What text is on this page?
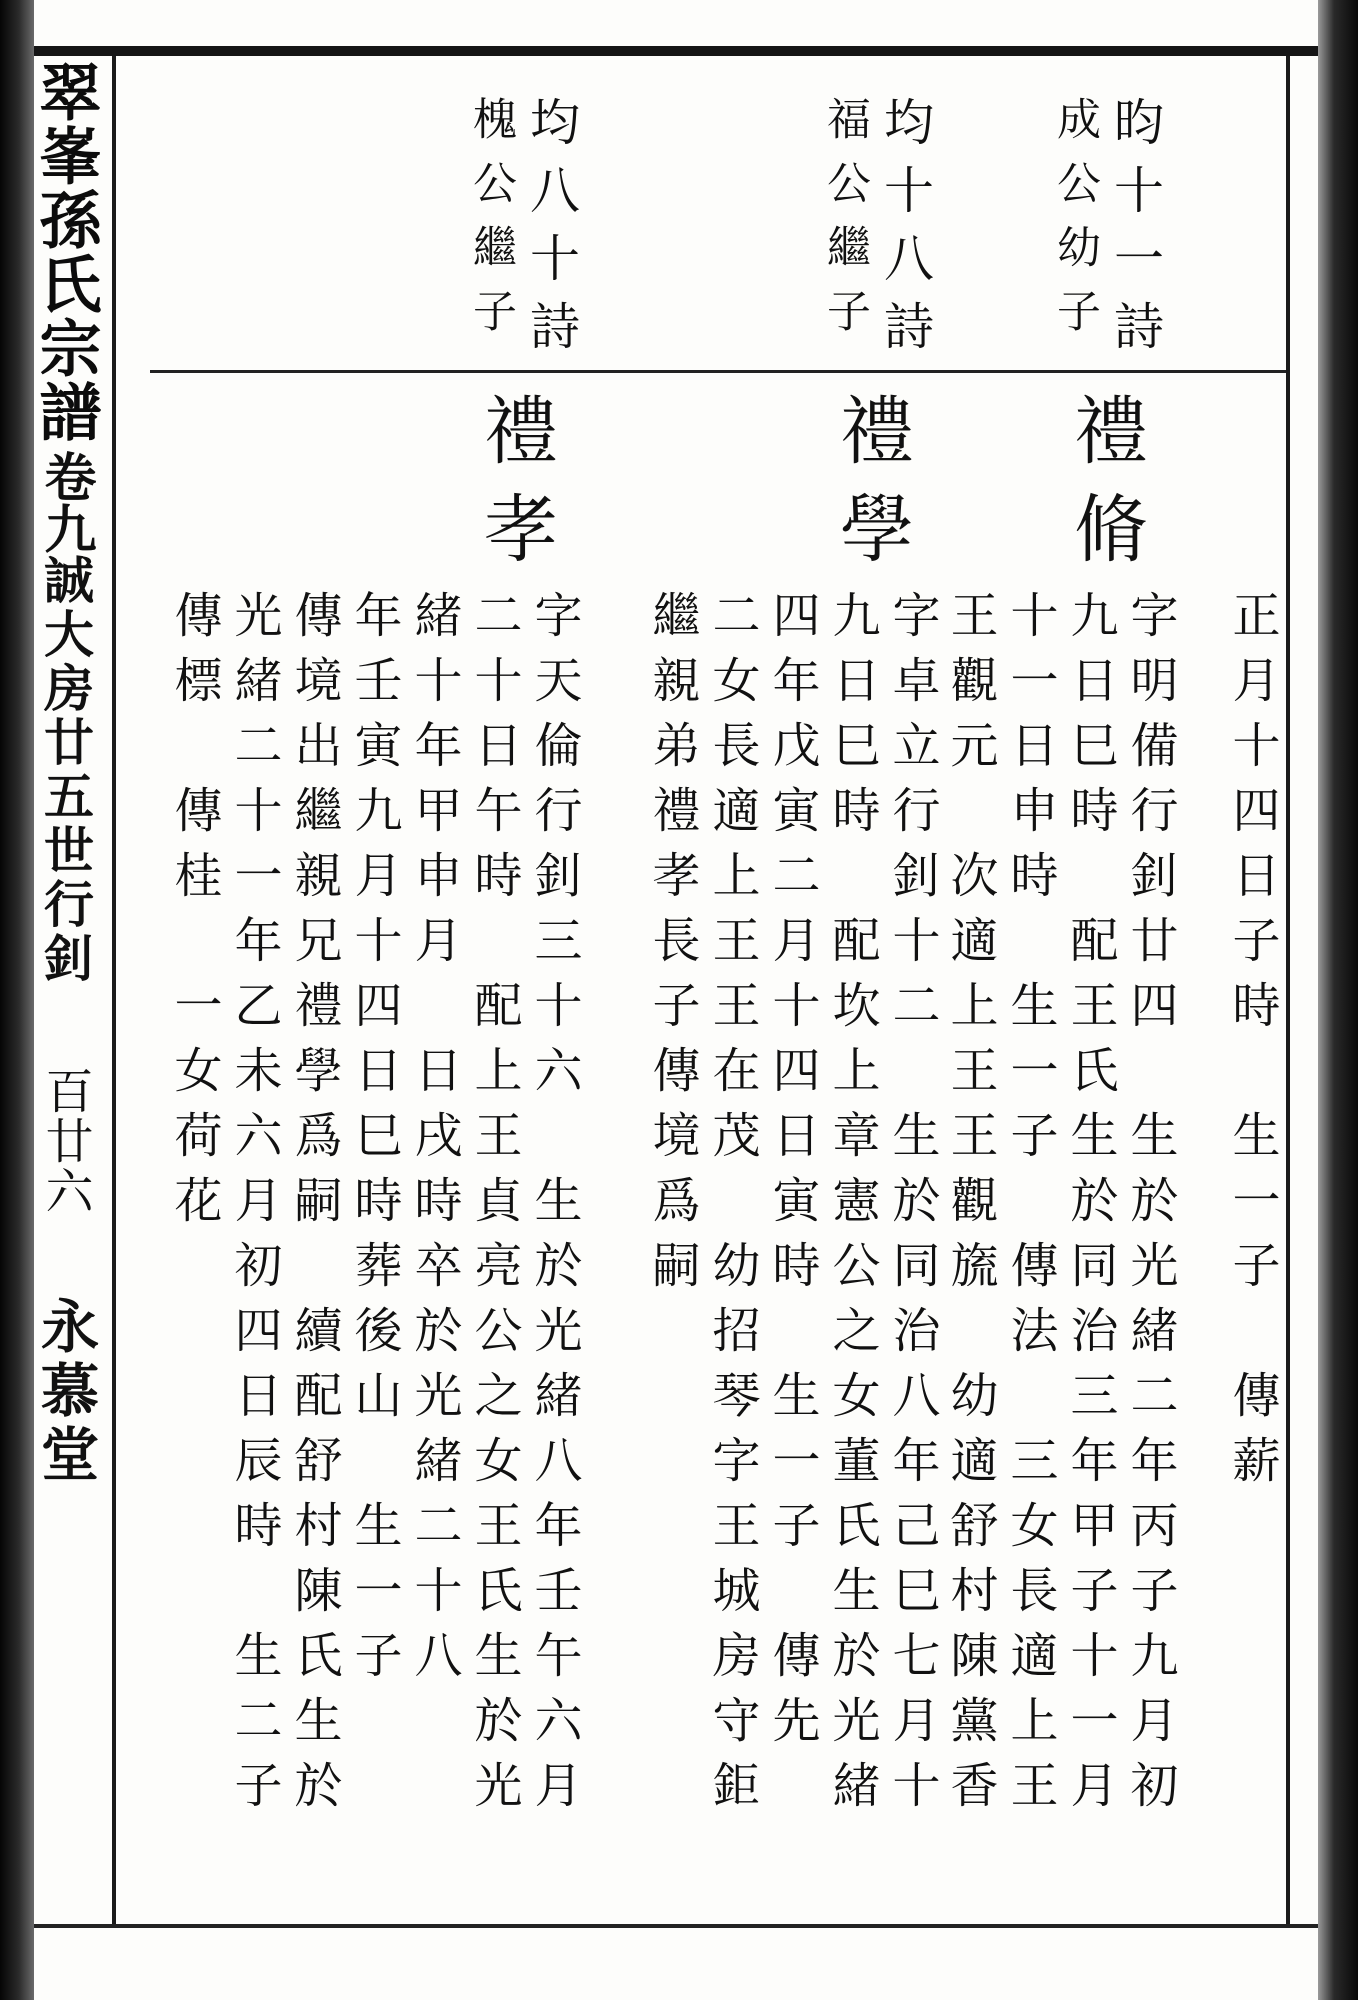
翠峯孫氏宗譜卷九誠大房廿五世行釗百廿六永慕堂
昀十一詩
成公幼子
均十八詩
福公繼子
均八十詩
槐公繼子
正月十四日子時　生一子　傳薪
禮脩
字明備行釗廿四　生於光緒二年丙子九月初
九日巳時　配王氏生於同治三年甲子十一月
十一日申時　生一子　傳法　三女長適上王
王觀元　次適上王王觀旒　幼適舒村陳黨香
禮學
字卓立行釗十二　生於同治八年己巳七月十
九日巳時　配坎上章憲公之女董氏生於光緒
四年戊寅二月十四日寅時　生一子　傳先
二女長適上王王在茂　幼招琴字王城房守鉅
繼親弟禮孝長子傳境爲嗣
禮孝
字天倫行釗三十六　生於光緒八年壬午六月
二十日午時　配上王貞亮公之女王氏生於光
緒十年甲申月　日戌時卒於光緒二十八
年壬寅九月十四日巳時葬後山　生一子
傳境出繼親兄禮學爲嗣　續配舒村陳氏生於
光緒二十一年乙未六月初四日辰時　生二子
傳標　傳桂　一女荷花
